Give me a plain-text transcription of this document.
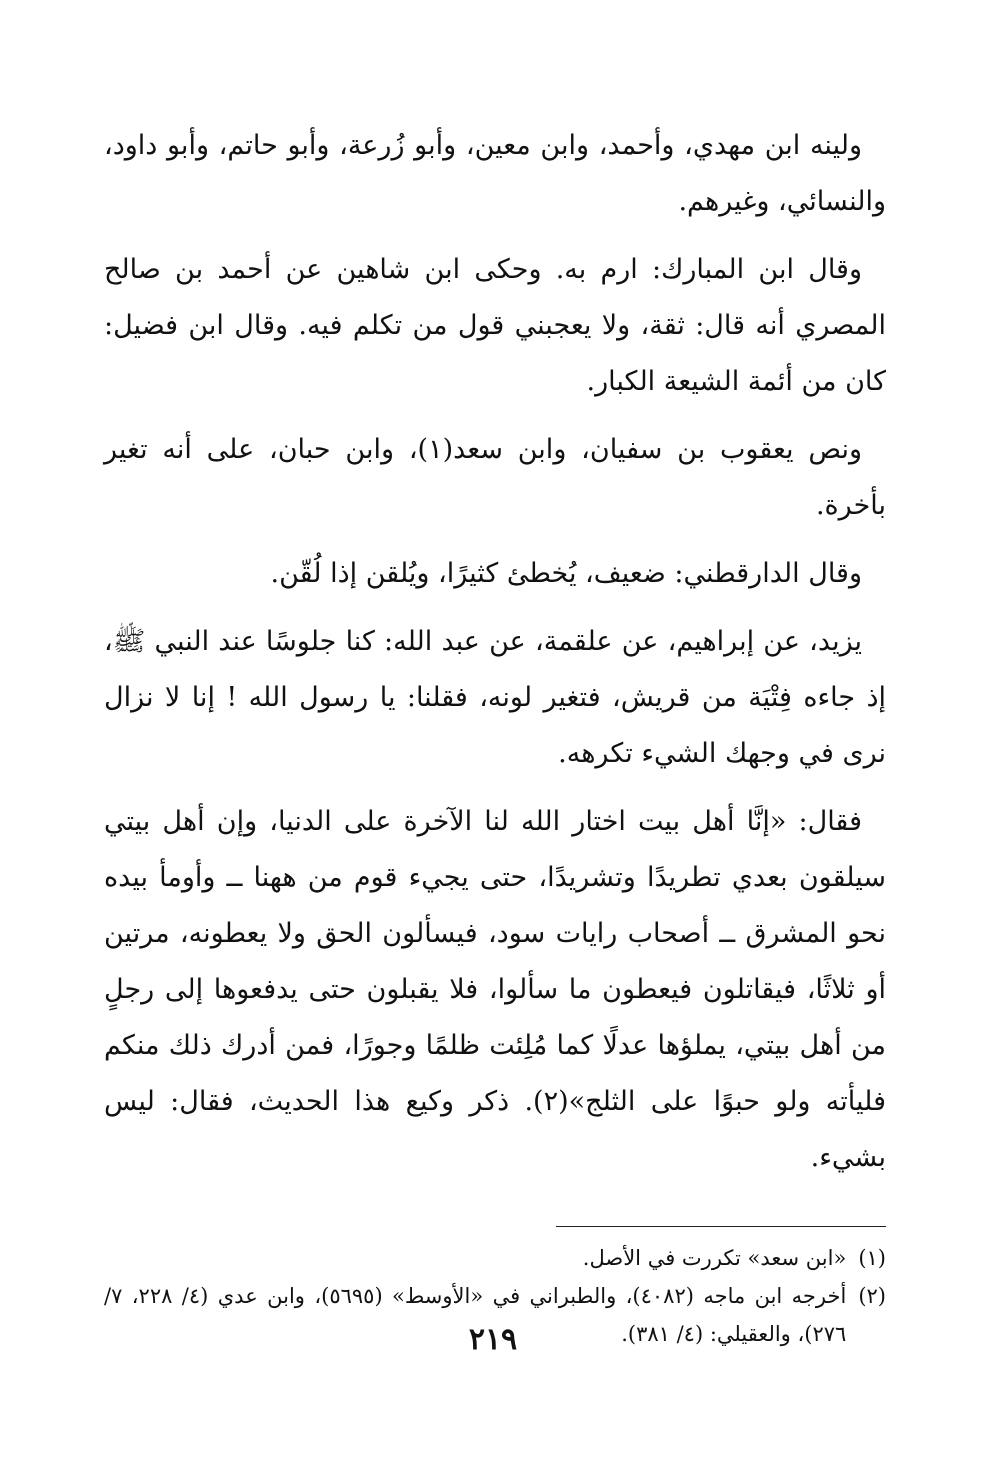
ولينه ابن مهدي، وأحمد، وابن معين، وأبو زُرعة، وأبو حاتم، وأبو داود، والنسائي، وغيرهم.

وقال ابن المبارك: ارم به. وحكى ابن شاهين عن أحمد بن صالح المصري أنه قال: ثقة، ولا يعجبني قول من تكلم فيه. وقال ابن فضيل: كان من أئمة الشيعة الكبار.

ونص يعقوب بن سفيان، وابن سعد(١)، وابن حبان، على أنه تغير بأخرة.

وقال الدارقطني: ضعيف، يُخطئ كثيرًا، ويُلقن إذا لُقّن.

يزيد، عن إبراهيم، عن علقمة، عن عبد الله: كنا جلوسًا عند النبي ﷺ، إذ جاءه فِتْيَة من قريش، فتغير لونه، فقلنا: يا رسول الله ! إنا لا نزال نرى في وجهك الشيء تكرهه.

فقال: «إنَّا أهل بيت اختار الله لنا الآخرة على الدنيا، وإن أهل بيتي سيلقون بعدي تطريدًا وتشريدًا، حتى يجيء قوم من ههنا ــ وأومأ بيده نحو المشرق ــ أصحاب رايات سود، فيسألون الحق ولا يعطونه، مرتين أو ثلاثًا، فيقاتلون فيعطون ما سألوا، فلا يقبلون حتى يدفعوها إلى رجلٍ من أهل بيتي، يملؤها عدلًا كما مُلِئت ظلمًا وجورًا، فمن أدرك ذلك منكم فليأته ولو حبوًا على الثلج»(٢). ذكر وكيع هذا الحديث، فقال: ليس بشيء.

(١)
«ابن سعد» تكررت في الأصل.
(٢)
أخرجه ابن ماجه (٤٠٨٢)، والطبراني في «الأوسط» (٥٦٩٥)، وابن عدي (٤/ ٢٢٨، ٧/ ٢٧٦)، والعقيلي: (٤/ ٣٨١).
٢١٩
